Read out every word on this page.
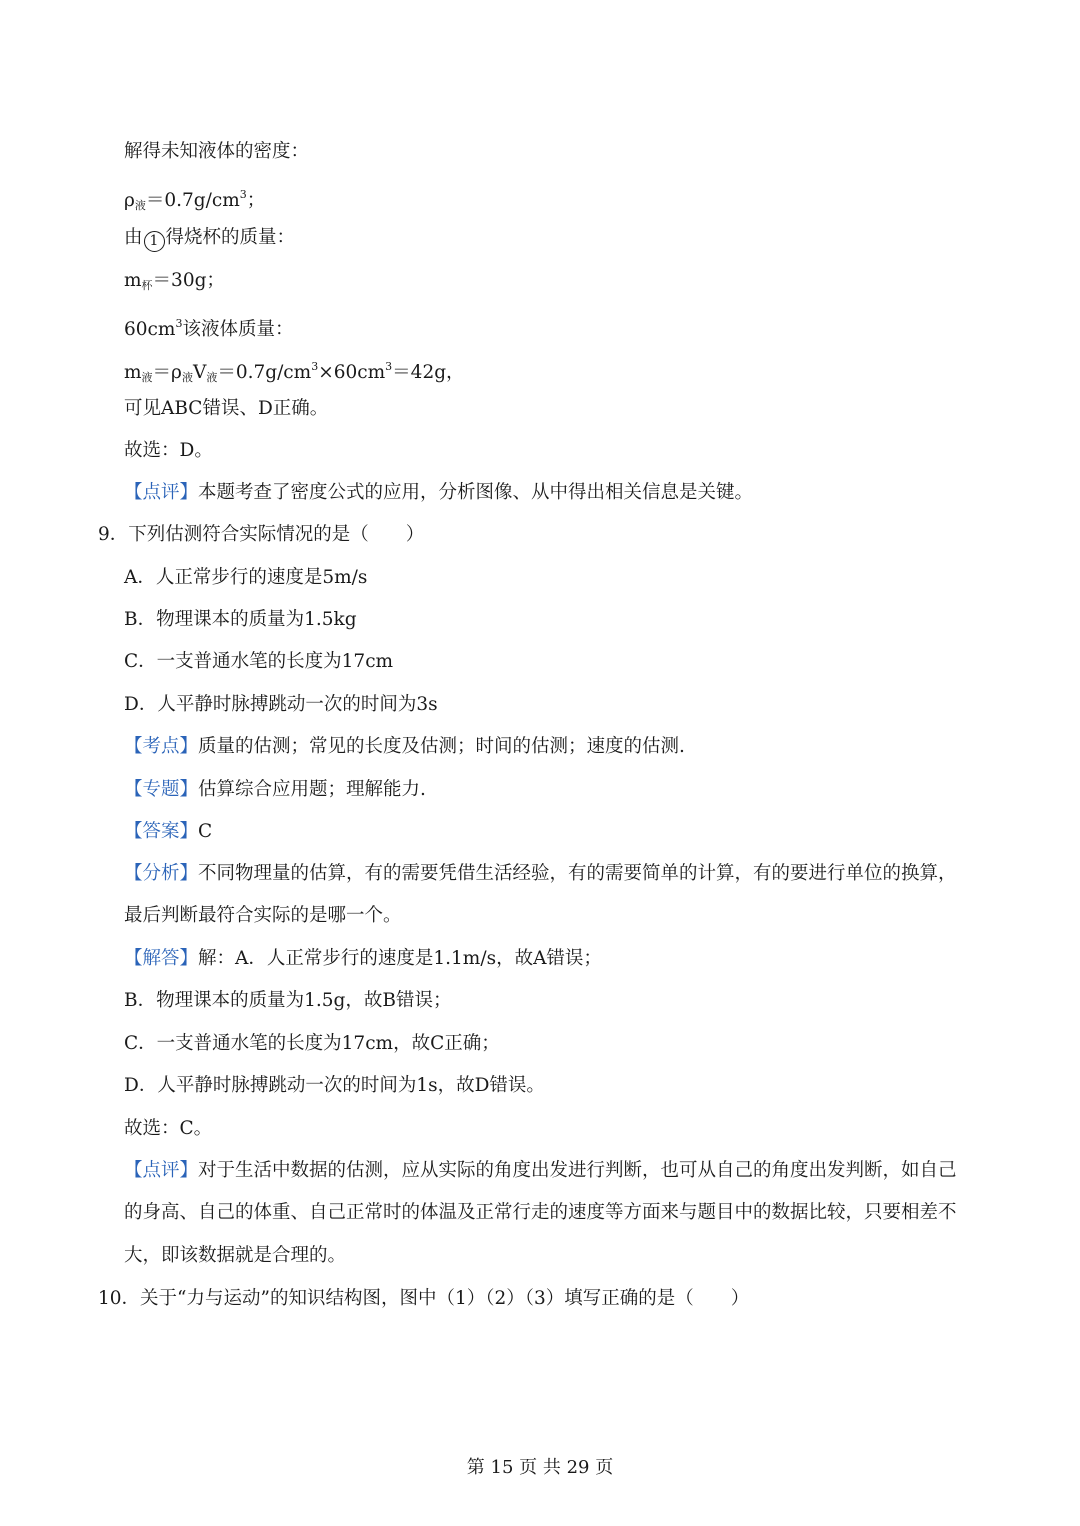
解得未知液体的密度：
$\rho_液=0.7g/cm^3$；
由 1 得烧杯的质量：
$m_杯=30g$；
$60cm^3$该液体质量：
$m_液=\rho_液V_液=0.7g/cm^3\times 60cm^3=42g$，
可见ABC错误、D正确。
故选：D。
【点评】本题考查了密度公式的应用，分析图像、从中得出相关信息是关键。
9．下列估测符合实际情况的是（　　）
A．人正常步行的速度是5m/s
B．物理课本的质量为1.5kg
C．一支普通水笔的长度为17cm
D．人平静时脉搏跳动一次的时间为3s
【考点】质量的估测；常见的长度及估测；时间的估测；速度的估测.
【专题】估算综合应用题；理解能力.
【答案】C
【分析】不同物理量的估算，有的需要凭借生活经验，有的需要简单的计算，有的要进行单位的换算，
最后判断最符合实际的是哪一个。
【解答】解：A．人正常步行的速度是1.1m/s，故A错误；
B．物理课本的质量为1.5g，故B错误；
C．一支普通水笔的长度为17cm，故C正确；
D．人平静时脉搏跳动一次的时间为1s，故D错误。
故选：C。
【点评】对于生活中数据的估测，应从实际的角度出发进行判断，也可从自己的角度出发判断，如自己
的身高、自己的体重、自己正常时的体温及正常行走的速度等方面来与题目中的数据比较，只要相差不
大，即该数据就是合理的。
10．关于“力与运动”的知识结构图，图中（1）（2）（3）填写正确的是（　　）
第 15 页 共 29 页
